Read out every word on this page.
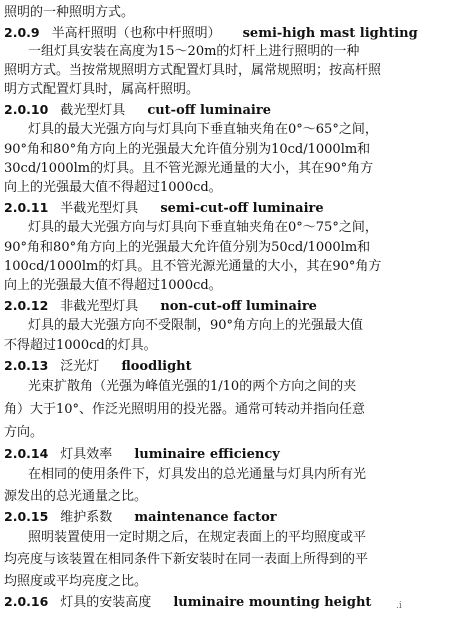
照明的一种照明方式。
2.0.9 半高杆照明（也称中杆照明） semi-high mast lighting
一组灯具安装在高度为15～20m的灯杆上进行照明的一种
照明方式。当按常规照明方式配置灯具时，属常规照明；按高杆照
明方式配置灯具时，属高杆照明。
2.0.10 截光型灯具 cut-off luminaire
灯具的最大光强方向与灯具向下垂直轴夹角在0°～65°之间，
90°角和80°角方向上的光强最大允许值分别为10cd/1000lm和
30cd/1000lm的灯具。且不管光源光通量的大小，其在90°角方
向上的光强最大值不得超过1000cd。
2.0.11 半截光型灯具 semi-cut-off luminaire
灯具的最大光强方向与灯具向下垂直轴夹角在0°～75°之间，
90°角和80°角方向上的光强最大允许值分别为50cd/1000lm和
100cd/1000lm的灯具。且不管光源光通量的大小，其在90°角方
向上的光强最大值不得超过1000cd。
2.0.12 非截光型灯具 non-cut-off luminaire
灯具的最大光强方向不受限制，90°角方向上的光强最大值
不得超过1000cd的灯具。
2.0.13 泛光灯 floodlight
光束扩散角（光强为峰值光强的1/10的两个方向之间的夹
角）大于10°、作泛光照明用的投光器。通常可转动并指向任意
方向。
2.0.14 灯具效率 luminaire efficiency
在相同的使用条件下，灯具发出的总光通量与灯具内所有光
源发出的总光通量之比。
2.0.15 维护系数 maintenance factor
照明装置使用一定时期之后，在规定表面上的平均照度或平
均亮度与该装置在相同条件下新安装时在同一表面上所得到的平
均照度或平均亮度之比。
2.0.16 灯具的安装高度 luminaire mounting height	.i
